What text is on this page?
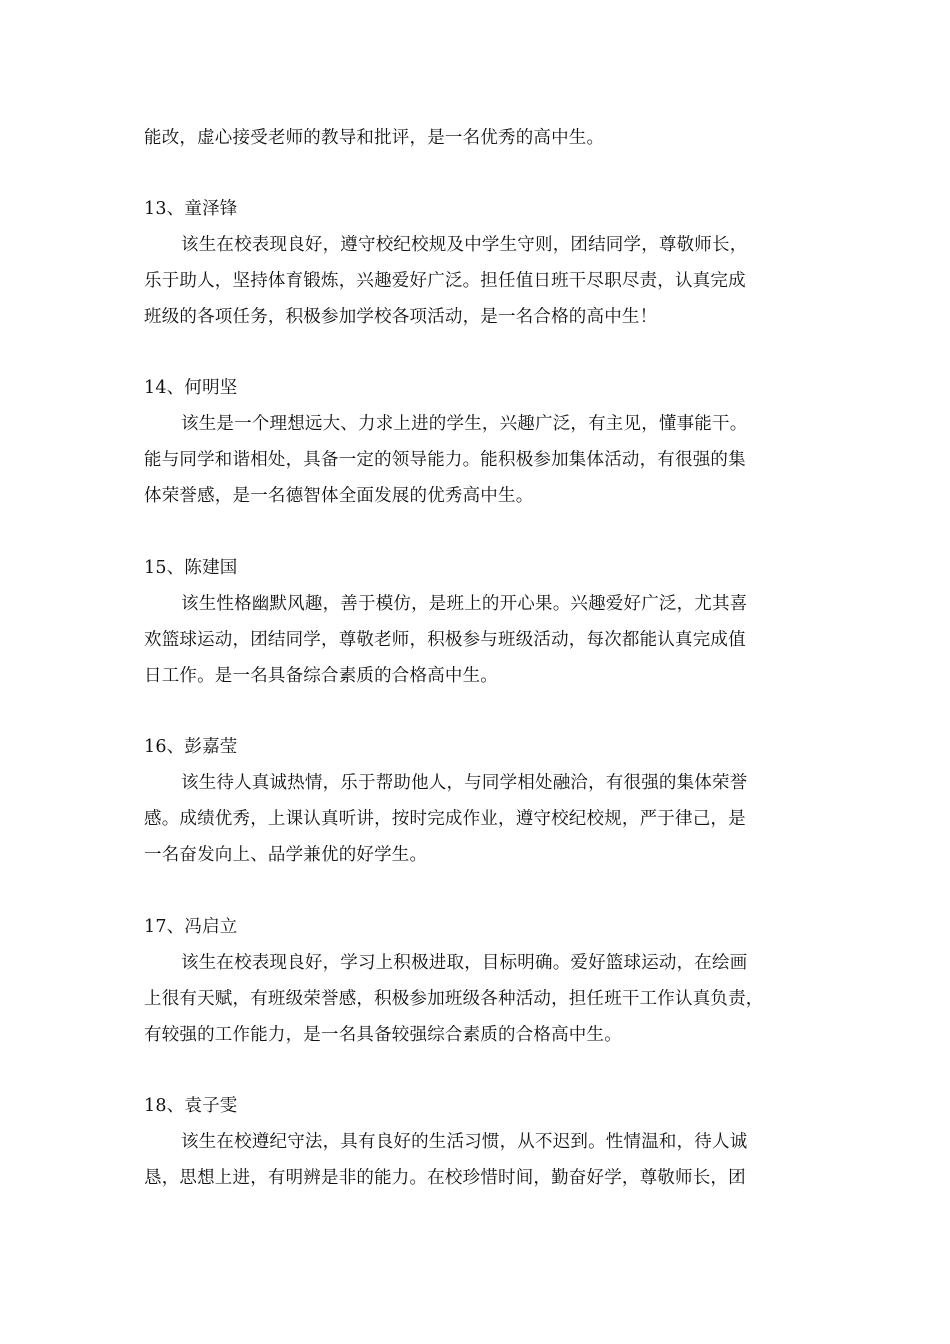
能改，虚心接受老师的教导和批评，是一名优秀的高中生。
13、童泽锋
该生在校表现良好，遵守校纪校规及中学生守则，团结同学，尊敬师长，
乐于助人，坚持体育锻炼，兴趣爱好广泛。担任值日班干尽职尽责，认真完成
班级的各项任务，积极参加学校各项活动，是一名合格的高中生！
14、何明坚
该生是一个理想远大、力求上进的学生，兴趣广泛，有主见，懂事能干。
能与同学和谐相处，具备一定的领导能力。能积极参加集体活动，有很强的集
体荣誉感，是一名德智体全面发展的优秀高中生。
15、陈建国
该生性格幽默风趣，善于模仿，是班上的开心果。兴趣爱好广泛，尤其喜
欢篮球运动，团结同学，尊敬老师，积极参与班级活动，每次都能认真完成值
日工作。是一名具备综合素质的合格高中生。
16、彭嘉莹
该生待人真诚热情，乐于帮助他人，与同学相处融洽，有很强的集体荣誉
感。成绩优秀，上课认真听讲，按时完成作业，遵守校纪校规，严于律己，是
一名奋发向上、品学兼优的好学生。
17、冯启立
该生在校表现良好，学习上积极进取，目标明确。爱好篮球运动，在绘画
上很有天赋，有班级荣誉感，积极参加班级各种活动，担任班干工作认真负责，
有较强的工作能力，是一名具备较强综合素质的合格高中生。
18、袁子雯
该生在校遵纪守法，具有良好的生活习惯，从不迟到。性情温和，待人诚
恳，思想上进，有明辨是非的能力。在校珍惜时间，勤奋好学，尊敬师长，团
